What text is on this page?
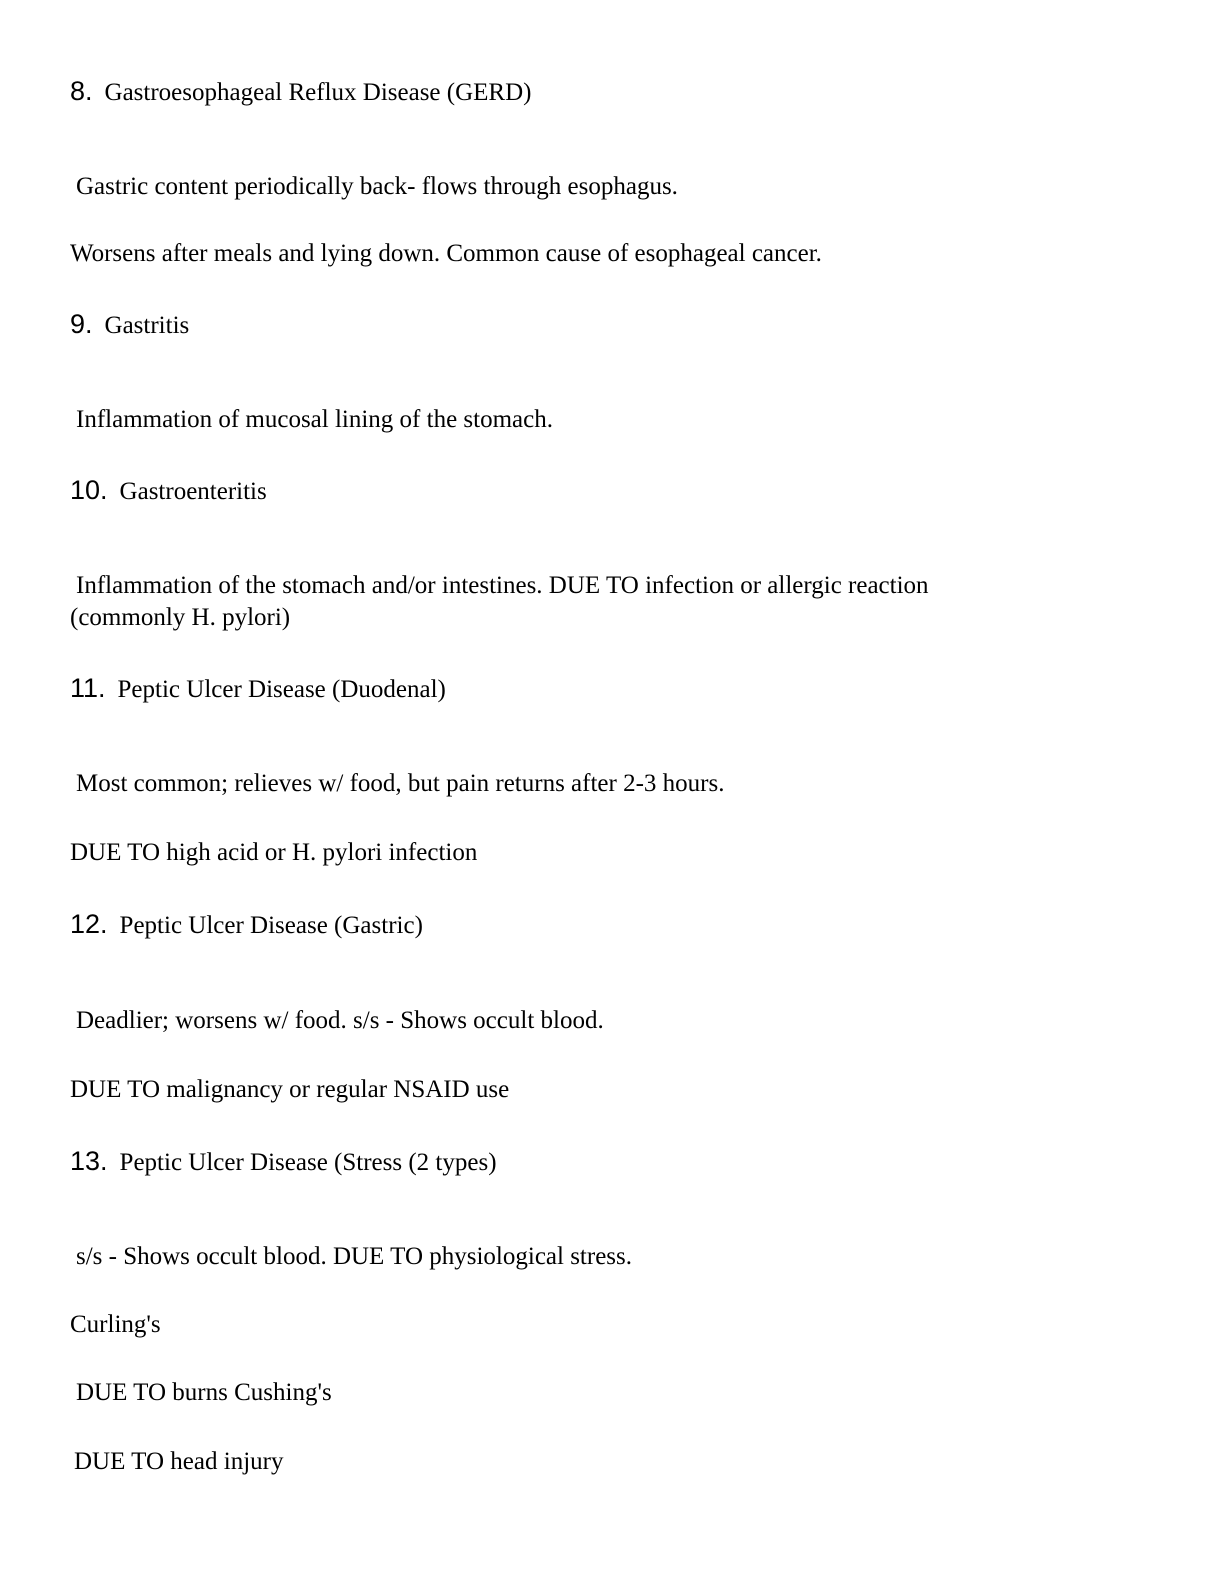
8. Gastroesophageal Reflux Disease (GERD)
Gastric content periodically back- flows through esophagus.
Worsens after meals and lying down. Common cause of esophageal cancer.
9. Gastritis
Inflammation of mucosal lining of the stomach.
10. Gastroenteritis
Inflammation of the stomach and/or intestines. DUE TO infection or allergic reaction
(commonly H. pylori)
11. Peptic Ulcer Disease (Duodenal)
Most common; relieves w/ food, but pain returns after 2-3 hours.
DUE TO high acid or H. pylori infection
12. Peptic Ulcer Disease (Gastric)
Deadlier; worsens w/ food. s/s - Shows occult blood.
DUE TO malignancy or regular NSAID use
13. Peptic Ulcer Disease (Stress (2 types)
s/s - Shows occult blood. DUE TO physiological stress.
Curling's
DUE TO burns Cushing's
DUE TO head injury
